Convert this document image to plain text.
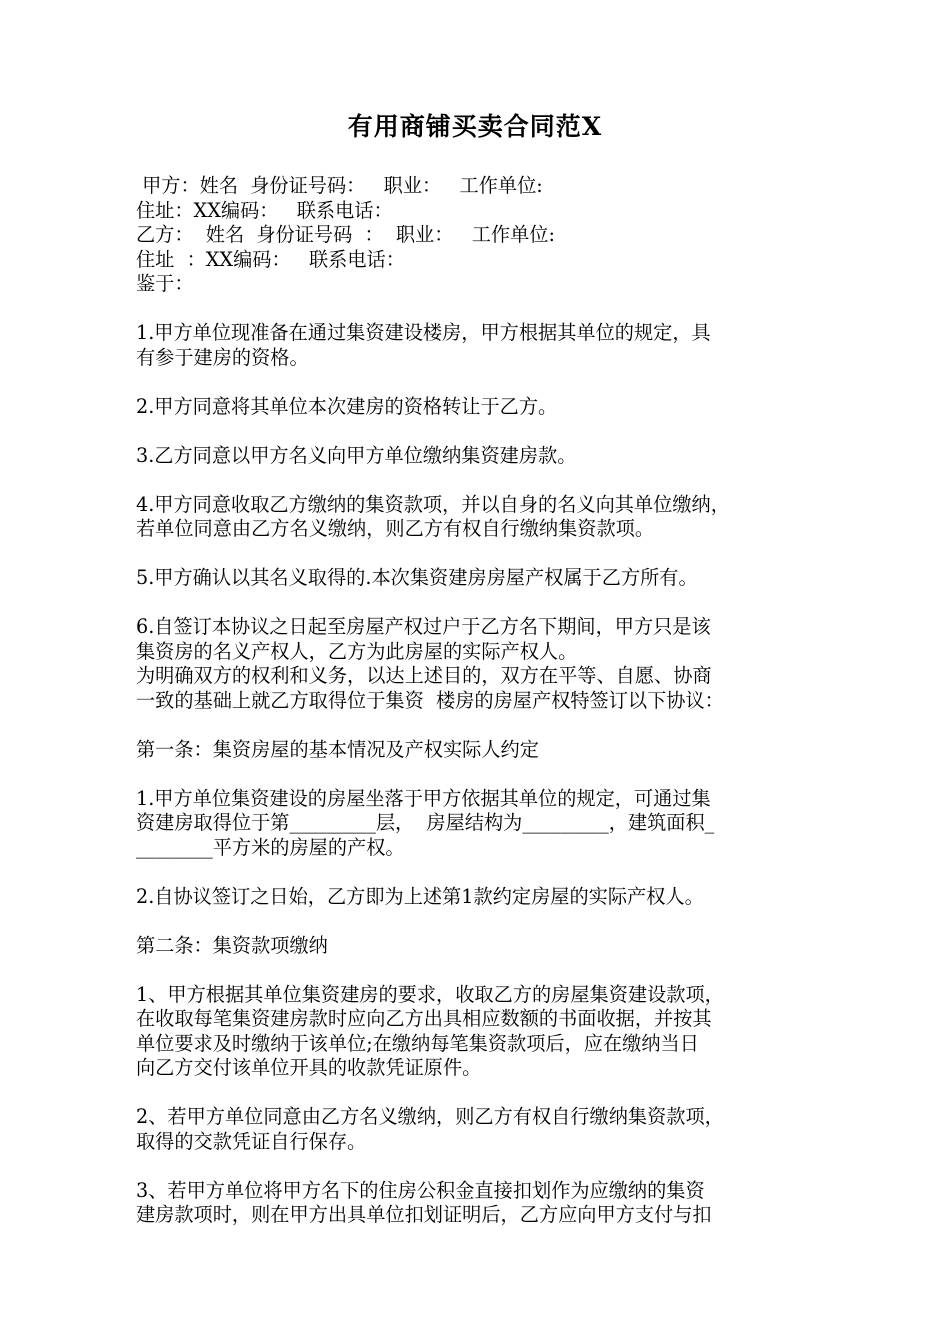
有用商铺买卖合同范X
甲方：姓名  身份证号码：   职业：   工作单位:
住址：XX编码：   联系电话：
乙方：  姓名  身份证号码  ：  职业：   工作单位:
住址  ：XX编码：   联系电话：
鉴于：
1.甲方单位现准备在通过集资建设楼房，甲方根据其单位的规定，具
有参于建房的资格。
2.甲方同意将其单位本次建房的资格转让于乙方。
3.乙方同意以甲方名义向甲方单位缴纳集资建房款。
4.甲方同意收取乙方缴纳的集资款项，并以自身的名义向其单位缴纳，
若单位同意由乙方名义缴纳，则乙方有权自行缴纳集资款项。
5.甲方确认以其名义取得的.本次集资建房房屋产权属于乙方所有。
6.自签订本协议之日起至房屋产权过户于乙方名下期间，甲方只是该
集资房的名义产权人，乙方为此房屋的实际产权人。
为明确双方的权利和义务，以达上述目的，双方在平等、自愿、协商
一致的基础上就乙方取得位于集资  楼房的房屋产权特签订以下协议：
第一条：集资房屋的基本情况及产权实际人约定
1.甲方单位集资建设的房屋坐落于甲方依据其单位的规定，可通过集
资建房取得位于第_________层，  房屋结构为_________，建筑面积_
________平方米的房屋的产权。
2.自协议签订之日始，乙方即为上述第1款约定房屋的实际产权人。
第二条：集资款项缴纳
1、甲方根据其单位集资建房的要求，收取乙方的房屋集资建设款项，
在收取每笔集资建房款时应向乙方出具相应数额的书面收据，并按其
单位要求及时缴纳于该单位;在缴纳每笔集资款项后，应在缴纳当日
向乙方交付该单位开具的收款凭证原件。
2、若甲方单位同意由乙方名义缴纳，则乙方有权自行缴纳集资款项，
取得的交款凭证自行保存。
3、若甲方单位将甲方名下的住房公积金直接扣划作为应缴纳的集资
建房款项时，则在甲方出具单位扣划证明后，乙方应向甲方支付与扣
